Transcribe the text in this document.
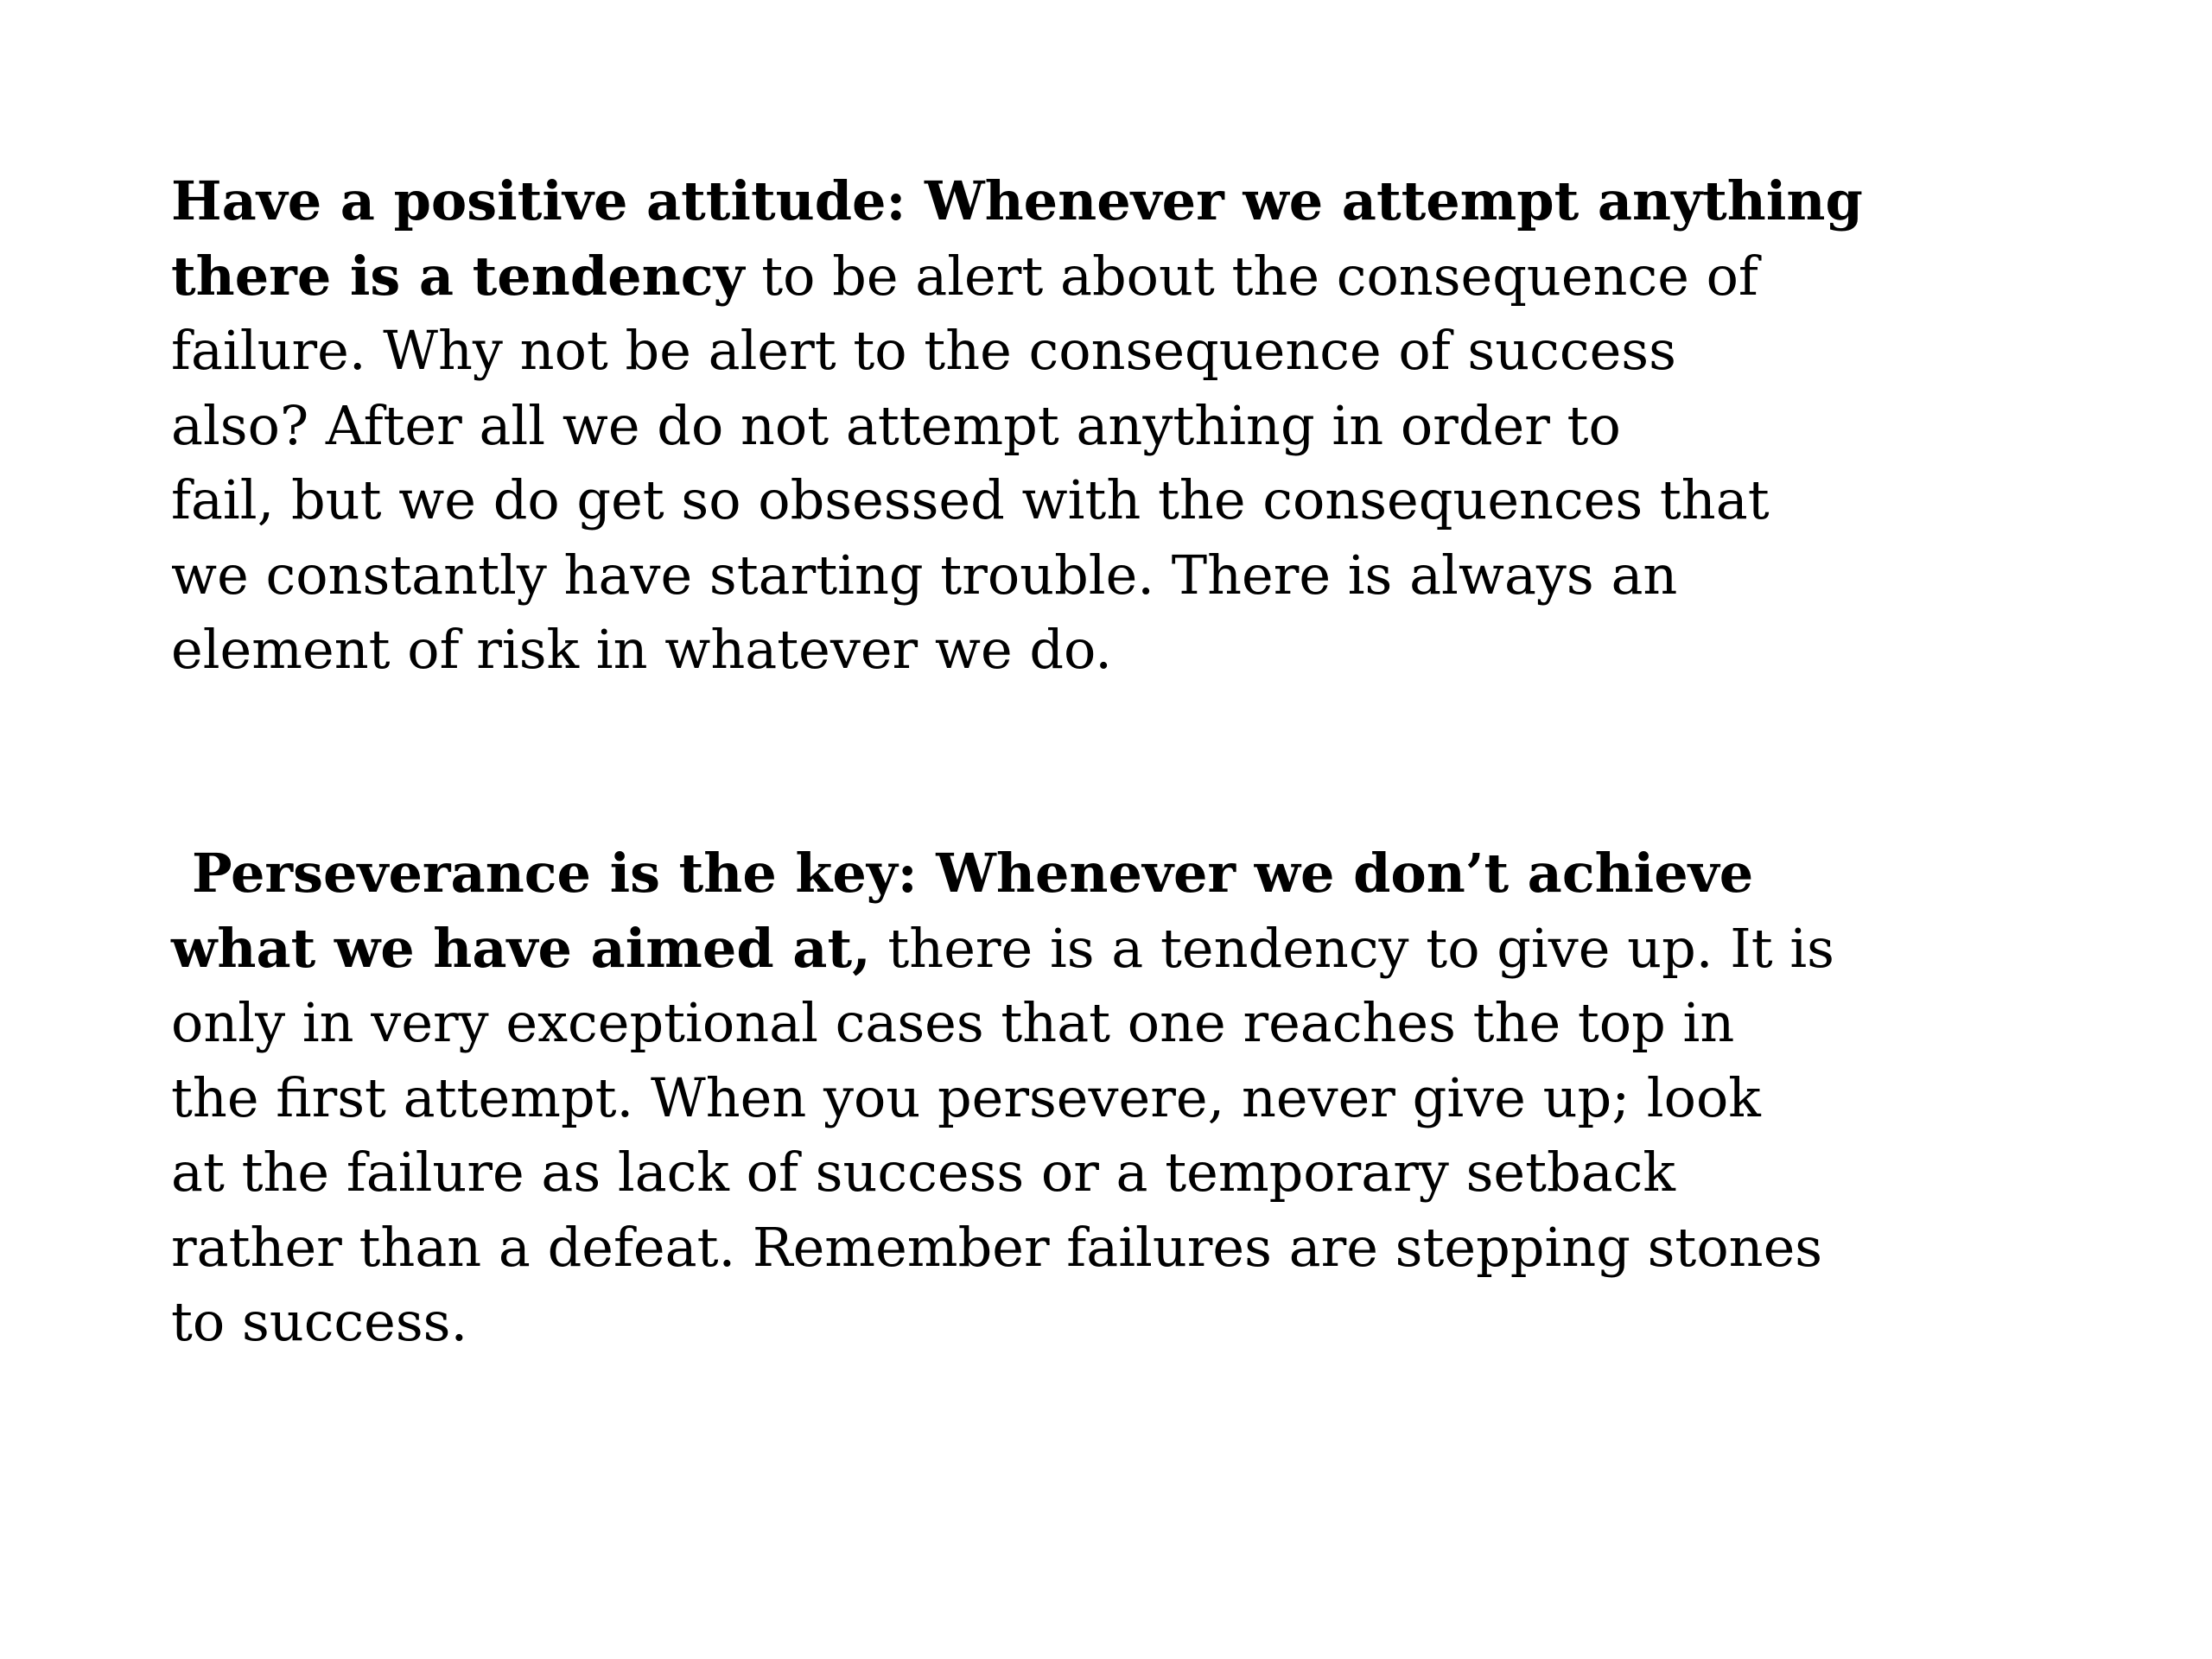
Have a positive attitude: Whenever we attempt anything
there is a tendency to be alert about the consequence of
failure. Why not be alert to the consequence of success
also? After all we do not attempt anything in order to
fail, but we do get so obsessed with the consequences that
we constantly have starting trouble. There is always an
element of risk in whatever we do.

Perseverance is the key: Whenever we don’t achieve
what we have aimed at, there is a tendency to give up. It is
only in very exceptional cases that one reaches the top in
the first attempt. When you persevere, never give up; look
at the failure as lack of success or a temporary setback
rather than a defeat. Remember failures are stepping stones
to success.
